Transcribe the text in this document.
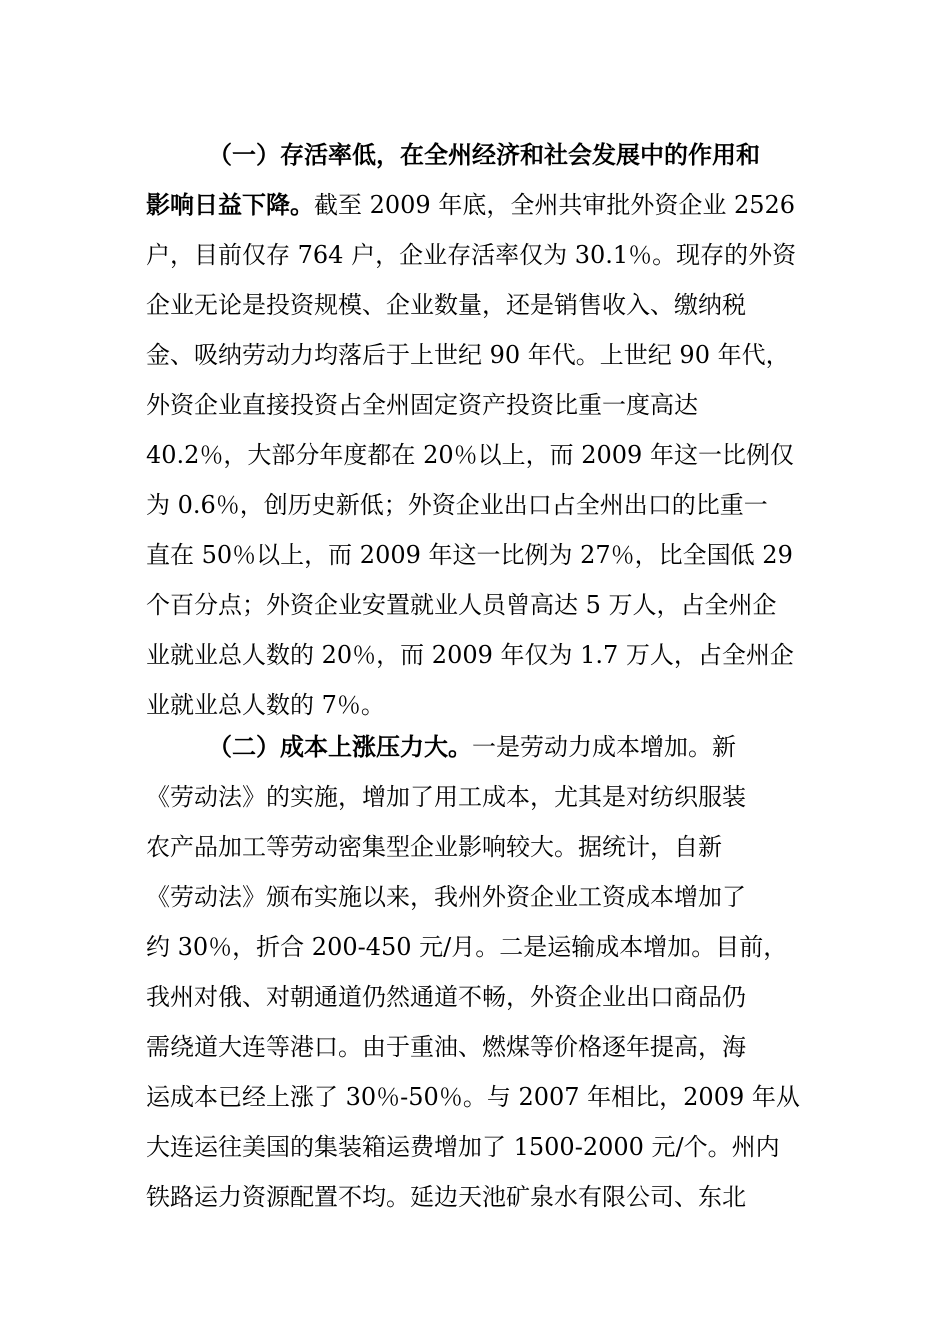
（一）存活率低，在全州经济和社会发展中的作用和
影响日益下降。截至 2009 年底，全州共审批外资企业 2526
户，目前仅存 764 户，企业存活率仅为 30.1％。现存的外资
企业无论是投资规模、企业数量，还是销售收入、缴纳税
金、吸纳劳动力均落后于上世纪 90 年代。上世纪 90 年代，
外资企业直接投资占全州固定资产投资比重一度高达
40.2％，大部分年度都在 20％以上，而 2009 年这一比例仅
为 0.6％，创历史新低；外资企业出口占全州出口的比重一
直在 50％以上，而 2009 年这一比例为 27％，比全国低 29
个百分点；外资企业安置就业人员曾高达 5 万人，占全州企
业就业总人数的 20％，而 2009 年仅为 1.7 万人，占全州企
业就业总人数的 7％。
（二）成本上涨压力大。一是劳动力成本增加。新
《劳动法》的实施，增加了用工成本，尤其是对纺织服装
农产品加工等劳动密集型企业影响较大。据统计，自新
《劳动法》颁布实施以来，我州外资企业工资成本增加了
约 30％，折合 200-450 元/月。二是运输成本增加。目前，
我州对俄、对朝通道仍然通道不畅，外资企业出口商品仍
需绕道大连等港口。由于重油、燃煤等价格逐年提高，海
运成本已经上涨了 30％-50％。与 2007 年相比，2009 年从
大连运往美国的集装箱运费增加了 1500-2000 元/个。州内
铁路运力资源配置不均。延边天池矿泉水有限公司、东北
